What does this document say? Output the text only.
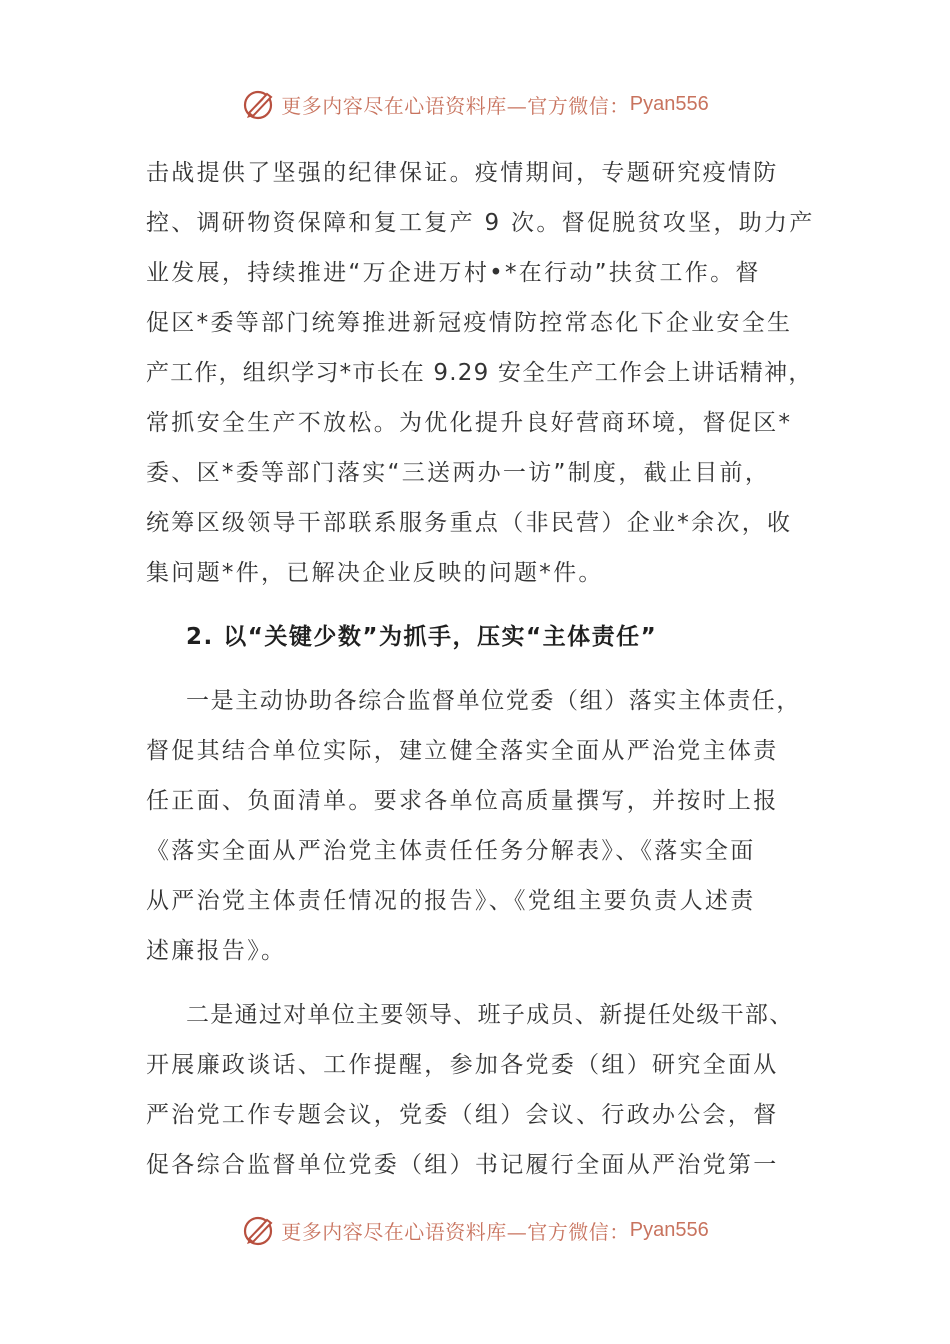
更多内容尽在心语资料库—官方微信： Pyan556
击战提供了坚强的纪律保证。疫情期间，专题研究疫情防
控、调研物资保障和复工复产 9 次。督促脱贫攻坚，助力产
业发展，持续推进“万企进万村•*在行动”扶贫工作。督
促区*委等部门统筹推进新冠疫情防控常态化下企业安全生
产工作，组织学习*市长在 9.29 安全生产工作会上讲话精神，
常抓安全生产不放松。为优化提升良好营商环境，督促区*
委、区*委等部门落实“三送两办一访”制度，截止目前，
统筹区级领导干部联系服务重点（非民营）企业*余次，收
集问题*件，已解决企业反映的问题*件。
2. 以“关键少数”为抓手，压实“主体责任”
一是主动协助各综合监督单位党委（组）落实主体责任，
督促其结合单位实际，建立健全落实全面从严治党主体责
任正面、负面清单。要求各单位高质量撰写，并按时上报
《落实全面从严治党主体责任任务分解表》、《落实全面
从严治党主体责任情况的报告》、《党组主要负责人述责
述廉报告》。
二是通过对单位主要领导、班子成员、新提任处级干部、
开展廉政谈话、工作提醒，参加各党委（组）研究全面从
严治党工作专题会议，党委（组）会议、行政办公会，督
促各综合监督单位党委（组）书记履行全面从严治党第一
更多内容尽在心语资料库—官方微信： Pyan556
